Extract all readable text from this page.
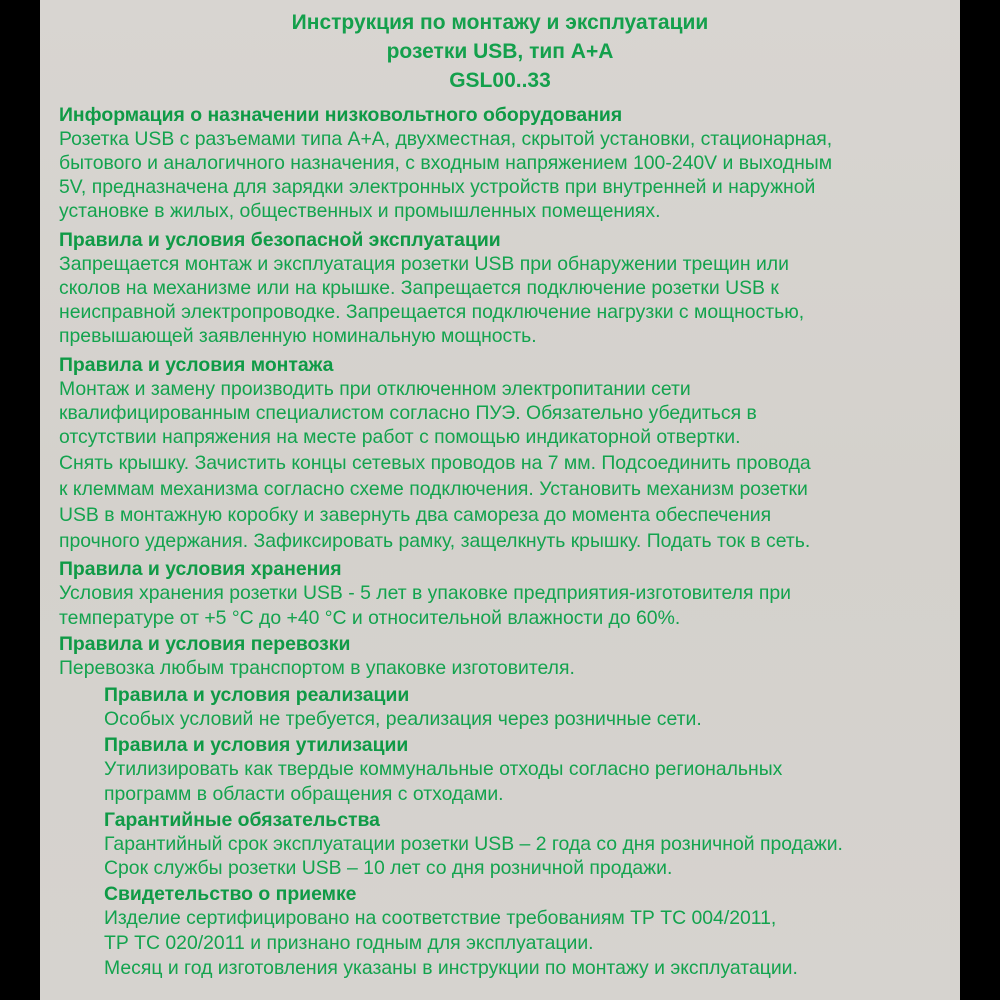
Инструкция по монтажу и эксплуатации
розетки USB, тип A+A
GSL00..33
Информация о назначении низковольтного оборудования
Розетка USB с разъемами типа A+A, двухместная, скрытой установки, стационарная,
бытового и аналогичного назначения, с входным напряжением 100-240V и выходным
5V, предназначена для зарядки электронных устройств при внутренней и наружной
установке в жилых, общественных и промышленных помещениях.
Правила и условия безопасной эксплуатации
Запрещается монтаж и эксплуатация розетки USB при обнаружении трещин или
сколов на механизме или на крышке. Запрещается подключение розетки USB к
неисправной электропроводке. Запрещается подключение нагрузки с мощностью,
превышающей заявленную номинальную мощность.
Правила и условия монтажа
Монтаж и замену производить при отключенном электропитании сети
квалифицированным специалистом согласно ПУЭ. Обязательно убедиться в
отсутствии напряжения на месте работ с помощью индикаторной отвертки.
Снять крышку. Зачистить концы сетевых проводов на 7 мм. Подсоединить провода
к клеммам механизма согласно схеме подключения. Установить механизм розетки
USB в монтажную коробку и завернуть два самореза до момента обеспечения
прочного удержания. Зафиксировать рамку, защелкнуть крышку. Подать ток в сеть.
Правила и условия хранения
Условия хранения розетки USB - 5 лет в упаковке предприятия-изготовителя при
температуре от +5 °С до +40 °С и относительной влажности до 60%.
Правила и условия перевозки
Перевозка любым транспортом в упаковке изготовителя.
Правила и условия реализации
Особых условий не требуется, реализация через розничные сети.
Правила и условия утилизации
Утилизировать как твердые коммунальные отходы согласно региональных
программ в области обращения с отходами.
Гарантийные обязательства
Гарантийный срок эксплуатации розетки USB – 2 года со дня розничной продажи.
Срок службы розетки USB – 10 лет со дня розничной продажи.
Свидетельство о приемке
Изделие сертифицировано на соответствие требованиям ТР ТС 004/2011,
ТР ТС 020/2011 и признано годным для эксплуатации.
Месяц и год изготовления указаны в инструкции по монтажу и эксплуатации.
